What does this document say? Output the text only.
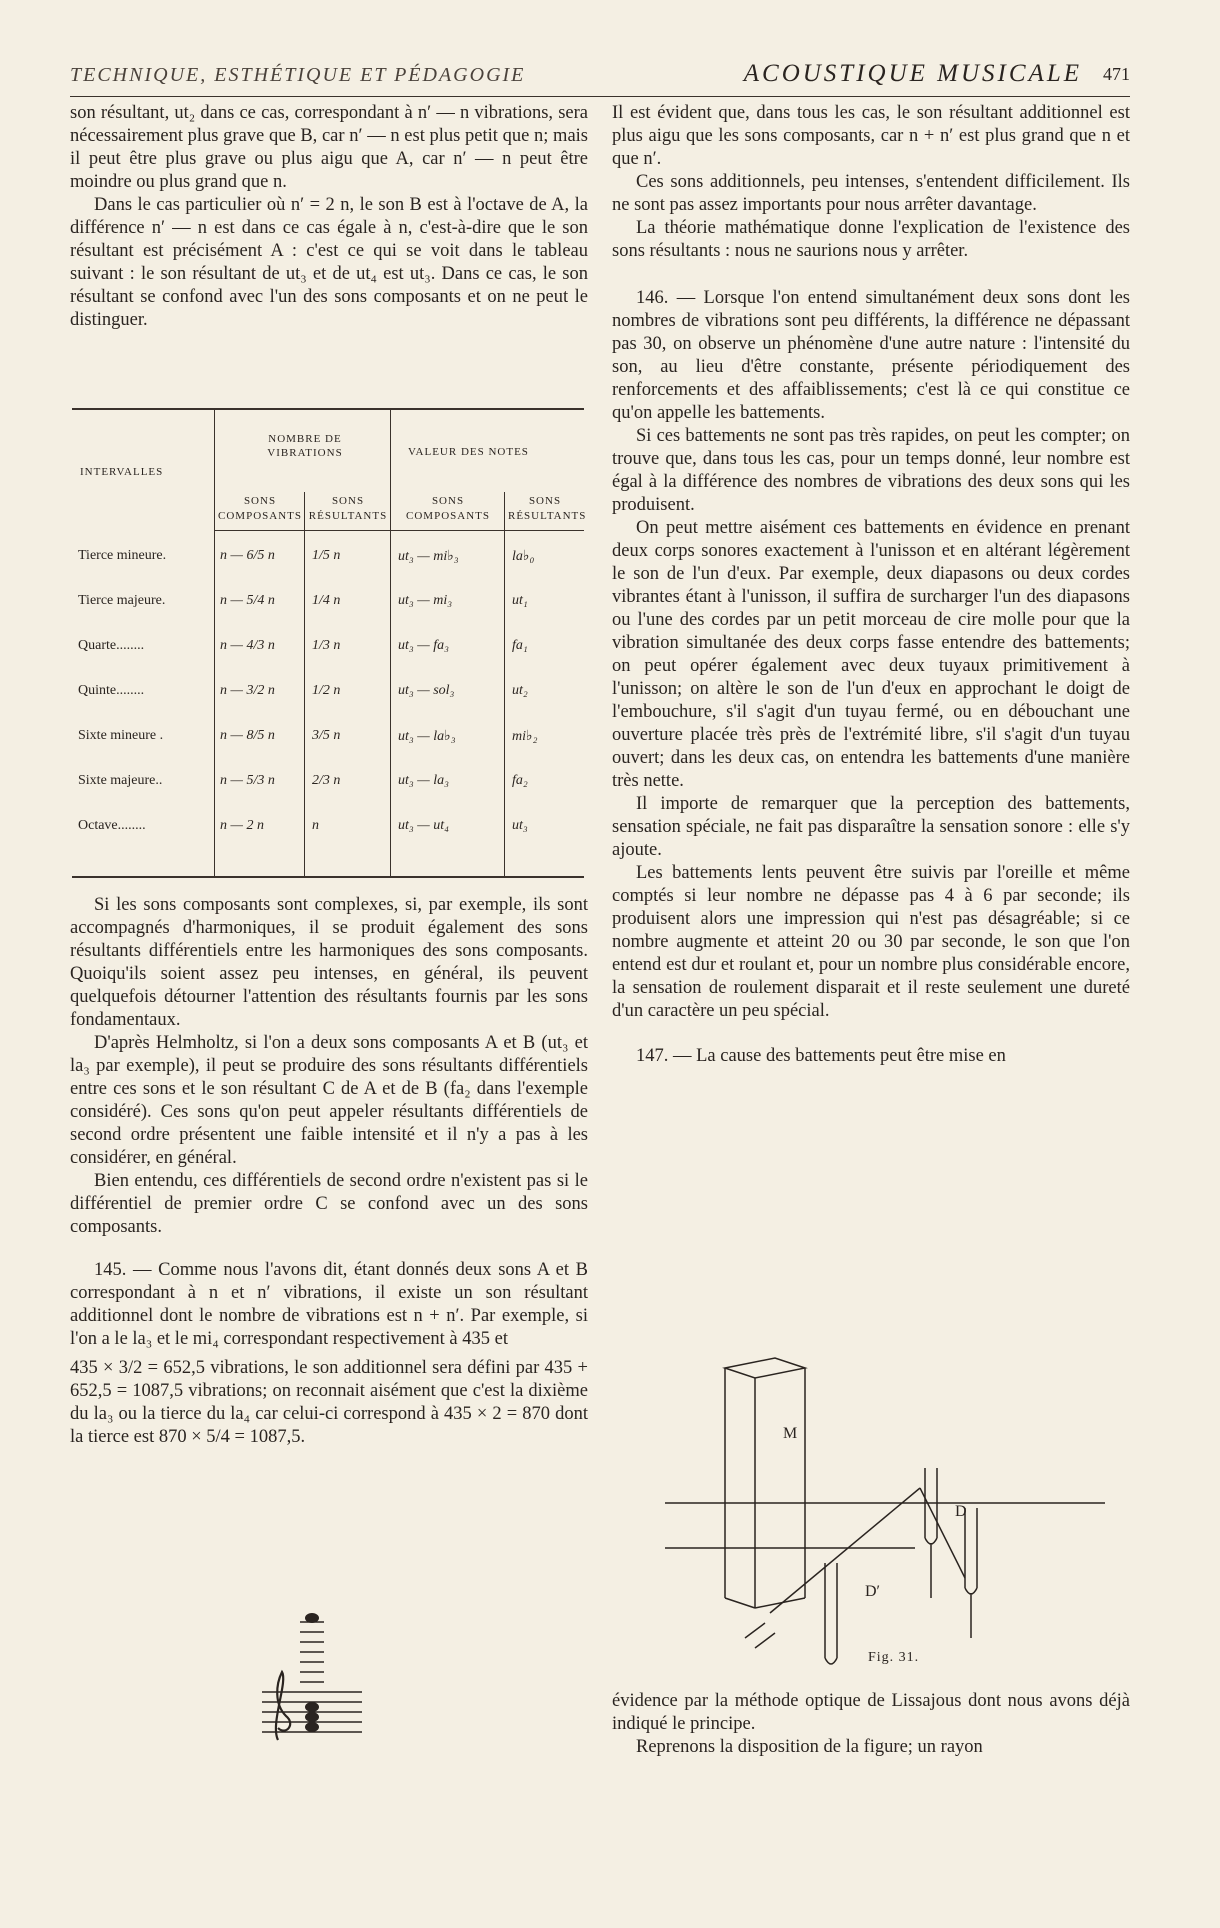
TECHNIQUE, ESTHÉTIQUE ET PÉDAGOGIE	ACOUSTIQUE MUSICALE 471

son résultant, ut₂ dans ce cas, correspondant à n′ — n vibrations, sera nécessairement plus grave que B, car n′ — n est plus petit que n; mais il peut être plus grave ou plus aigu que A, car n′ — n peut être moindre ou plus grand que n.

Dans le cas particulier où n′ = 2 n, le son B est à l'octave de A, la différence n′ — n est dans ce cas égale à n, c'est-à-dire que le son résultant est précisément A : c'est ce qui se voit dans le tableau suivant : le son résultant de ut₃ et de ut₄ est ut₃. Dans ce cas, le son résultant se confond avec l'un des sons composants et on ne peut le distinguer.

INTERVALLES
NOMBRE DE VIBRATIONS	VALEUR DES NOTES
SONS COMPOSANTS
SONS RÉSULTANTS
SONS COMPOSANTS
SONS RÉSULTANTS
Tierce mineure.	n — 6/5 n	1/5 n	ut₃ — mi♭₃	la♭₀
Tierce majeure.	n — 5/4 n	1/4 n	ut₃ — mi₃	ut₁
Quarte........	n — 4/3 n	1/3 n	ut₃ — fa₃	fa₁
Quinte........	n — 3/2 n	1/2 n	ut₃ — sol₃	ut₂
Sixte mineure .	n — 8/5 n	3/5 n	ut₃ — la♭₃	mi♭₂
Sixte majeure..	n — 5/3 n	2/3 n	ut₃ — la₃	fa₂
Octave........	n — 2 n	n	ut₃ — ut₄	ut₃

Si les sons composants sont complexes, si, par exemple, ils sont accompagnés d'harmoniques, il se produit également des sons résultants différentiels entre les harmoniques des sons composants. Quoiqu'ils soient assez peu intenses, en général, ils peuvent quelquefois détourner l'attention des résultants fournis par les sons fondamentaux.

D'après Helmholtz, si l'on a deux sons composants A et B (ut₃ et la₃ par exemple), il peut se produire des sons résultants différentiels entre ces sons et le son résultant C de A et de B (fa₂ dans l'exemple considéré). Ces sons qu'on peut appeler résultants différentiels de second ordre présentent une faible intensité et il n'y a pas à les considérer, en général.

Bien entendu, ces différentiels de second ordre n'existent pas si le différentiel de premier ordre C se confond avec un des sons composants.

145. — Comme nous l'avons dit, étant donnés deux sons A et B correspondant à n et n′ vibrations, il existe un son résultant additionnel dont le nombre de vibrations est n + n′. Par exemple, si l'on a le la₃ et le mi₄ correspondant respectivement à 435 et

435 × 3/2 = 652,5 vibrations, le son additionnel sera défini par 435 + 652,5 = 1087,5 vibrations; on reconnait aisément que c'est la dixième du la₃ ou la tierce du la₄ car celui-ci correspond à 435 × 2 = 870 dont la tierce est 870 × 5/4 = 1087,5.

Il est évident que, dans tous les cas, le son résultant additionnel est plus aigu que les sons composants, car n + n′ est plus grand que n et que n′.

Ces sons additionnels, peu intenses, s'entendent difficilement. Ils ne sont pas assez importants pour nous arrêter davantage.

La théorie mathématique donne l'explication de l'existence des sons résultants : nous ne saurions nous y arrêter.

146. — Lorsque l'on entend simultanément deux sons dont les nombres de vibrations sont peu différents, la différence ne dépassant pas 30, on observe un phénomène d'une autre nature : l'intensité du son, au lieu d'être constante, présente périodiquement des renforcements et des affaiblissements; c'est là ce qui constitue ce qu'on appelle les battements.

Si ces battements ne sont pas très rapides, on peut les compter; on trouve que, dans tous les cas, pour un temps donné, leur nombre est égal à la différence des nombres de vibrations des deux sons qui les produisent.

On peut mettre aisément ces battements en évidence en prenant deux corps sonores exactement à l'unisson et en altérant légèrement le son de l'un d'eux. Par exemple, deux diapasons ou deux cordes vibrantes étant à l'unisson, il suffira de surcharger l'un des diapasons ou l'une des cordes par un petit morceau de cire molle pour que la vibration simultanée des deux corps fasse entendre des battements; on peut opérer également avec deux tuyaux primitivement à l'unisson; on altère le son de l'un d'eux en approchant le doigt de l'embouchure, s'il s'agit d'un tuyau fermé, ou en débouchant une ouverture placée très près de l'extrémité libre, s'il s'agit d'un tuyau ouvert; dans les deux cas, on entendra les battements d'une manière très nette.

Il importe de remarquer que la perception des battements, sensation spéciale, ne fait pas disparaître la sensation sonore : elle s'y ajoute.

Les battements lents peuvent être suivis par l'oreille et même comptés si leur nombre ne dépasse pas 4 à 6 par seconde; ils produisent alors une impression qui n'est pas désagréable; si ce nombre augmente et atteint 20 ou 30 par seconde, le son que l'on entend est dur et roulant et, pour un nombre plus considérable encore, la sensation de roulement disparait et il reste seulement une dureté d'un caractère un peu spécial.

147. — La cause des battements peut être mise en

M
D
D′
Fig. 31.

évidence par la méthode optique de Lissajous dont nous avons déjà indiqué le principe.

Reprenons la disposition de la figure; un rayon
